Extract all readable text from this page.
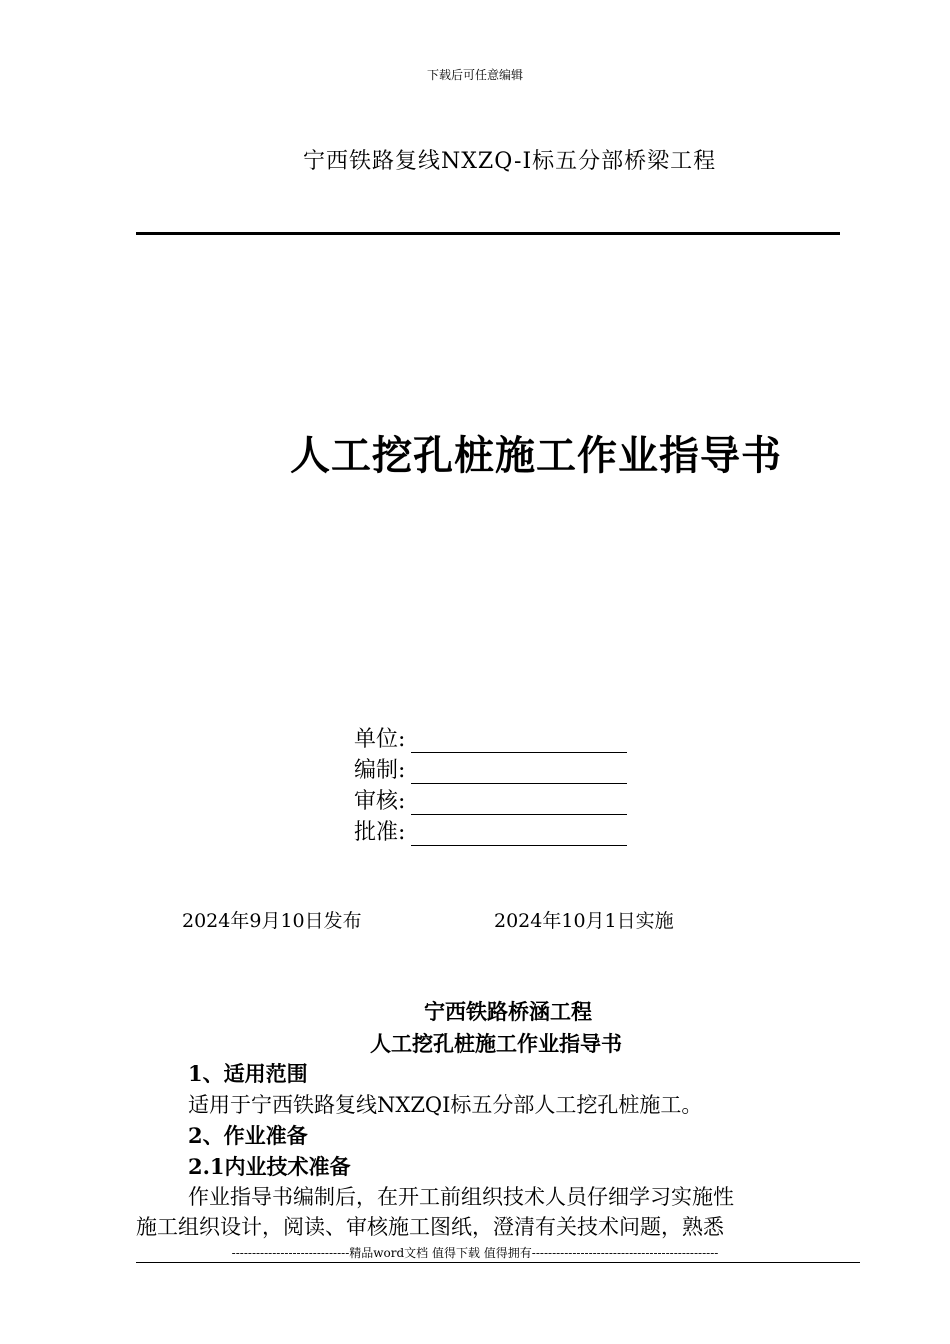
下载后可任意编辑
宁西铁路复线NXZQ-I标五分部桥梁工程
人工挖孔桩施工作业指导书
单位:
编制:
审核:
批准:
2024年9月10日发布	2024年10月1日实施
宁西铁路桥涵工程
人工挖孔桩施工作业指导书
1、适用范围
适用于宁西铁路复线NXZQI标五分部人工挖孔桩施工。
2、作业准备
2.1内业技术准备
作业指导书编制后，在开工前组织技术人员仔细学习实施性
施工组织设计，阅读、审核施工图纸，澄清有关技术问题，熟悉
-----------------------------精品word文档 值得下载 值得拥有----------------------------------------------
